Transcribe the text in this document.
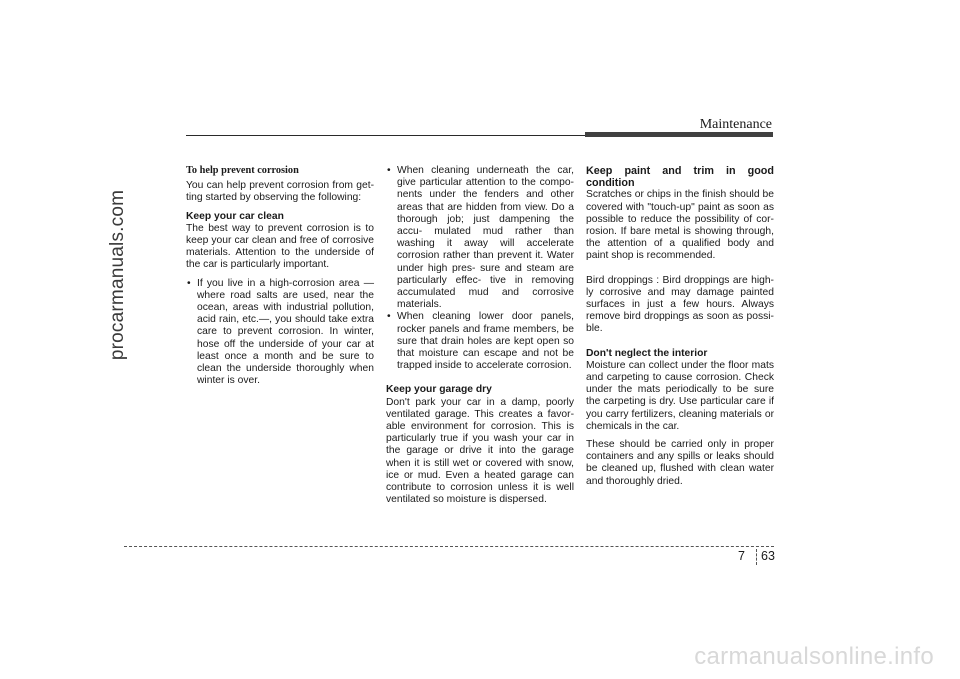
procarmanuals.com
Maintenance

To help prevent corrosion

You can help prevent corrosion from get- ting started by observing the following:

Keep your car clean

The best way to prevent corrosion is to keep your car clean and free of corrosive materials. Attention to the underside of the car is particularly important.

• If you live in a high-corrosion area — where road salts are used, near the ocean, areas with industrial pollution, acid rain, etc.—, you should take extra care to prevent corrosion. In winter, hose off the underside of your car at least once a month and be sure to clean the underside thoroughly when winter is over.
• When cleaning underneath the car, give particular attention to the compo- nents under the fenders and other areas that are hidden from view. Do a thorough job; just dampening the accu- mulated mud rather than washing it away will accelerate corrosion rather than prevent it. Water under high pres- sure and steam are particularly effec- tive in removing accumulated mud and corrosive materials.
• When cleaning lower door panels, rocker panels and frame members, be sure that drain holes are kept open so that moisture can escape and not be trapped inside to accelerate corrosion.

Keep your garage dry

Don't park your car in a damp, poorly ventilated garage. This creates a favor- able environment for corrosion. This is particularly true if you wash your car in the garage or drive it into the garage when it is still wet or covered with snow, ice or mud. Even a heated garage can contribute to corrosion unless it is well ventilated so moisture is dispersed.

Keep paint and trim in good condition

Scratches or chips in the finish should be covered with "touch-up" paint as soon as possible to reduce the possibility of cor- rosion. If bare metal is showing through, the attention of a qualified body and paint shop is recommended.

Bird droppings : Bird droppings are high- ly corrosive and may damage painted surfaces in just a few hours. Always remove bird droppings as soon as possi- ble.

Don't neglect the interior

Moisture can collect under the floor mats and carpeting to cause corrosion. Check under the mats periodically to be sure the carpeting is dry. Use particular care if you carry fertilizers, cleaning materials or chemicals in the car.

These should be carried only in proper containers and any spills or leaks should be cleaned up, flushed with clean water and thoroughly dried.

7 63
carmanualsonline.info
